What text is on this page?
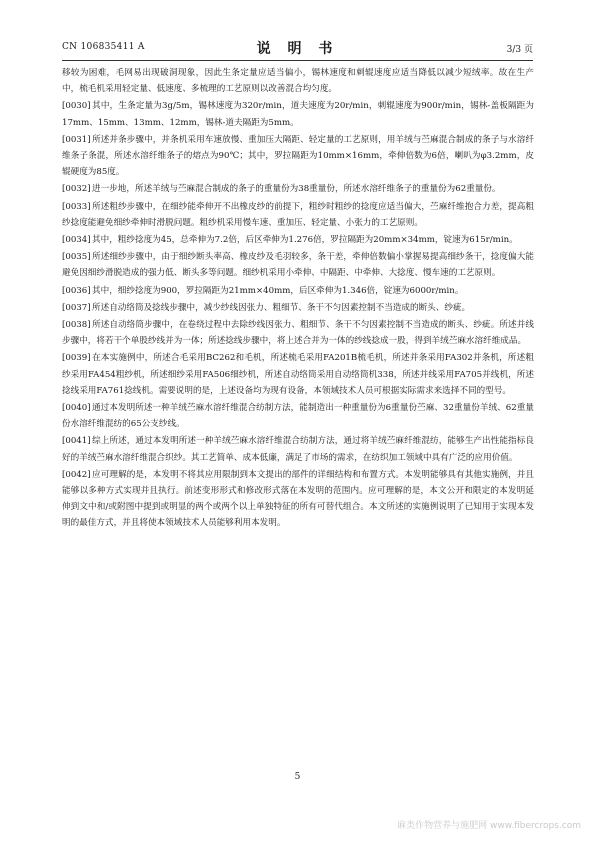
CN 106835411 A	说 明 书	3/3 页

移较为困难，毛网易出现破洞现象，因此生条定量应适当偏小，锡林速度和刺辊速度应适当降低以减少短绒率。故在生产中，梳毛机采用轻定量、低速度、多梳理的工艺原则以改善混合均匀度。

[0030]其中，生条定量为3g/5m，锡林速度为320r/min，道夫速度为20r/min，刺辊速度为900r/min，锡林-盖板隔距为17mm、15mm、13mm、12mm，锡林-道夫隔距为5mm。

[0031]所述并条步骤中，并条机采用车速放慢、重加压大隔距、轻定量的工艺原则，用羊绒与苎麻混合制成的条子与水溶纤维条子条混，所述水溶纤维条子的熔点为90℃；其中，罗拉隔距为10mm×16mm，牵伸倍数为6倍，喇叭为φ3.2mm，皮辊硬度为85度。

[0032]进一步地，所述羊绒与苎麻混合制成的条子的重量份为38重量份，所述水溶纤维条子的重量份为62重量份。

[0033]所述粗纱步骤中，在细纱能牵伸开不出橡皮纱的前提下，粗纱时粗纱的捻度应适当偏大，苎麻纤维抱合力差，提高粗纱捻度能避免细纱牵伸时滑脱问题。粗纱机采用慢车速、重加压、轻定量、小张力的工艺原则。

[0034]其中，粗纱捻度为45，总牵伸为7.2倍，后区牵伸为1.276倍，罗拉隔距为20mm×34mm，锭速为615r/min。

[0035]所述细纱步骤中，由于细纱断头率高、橡皮纱及毛羽较多，条干差，牵伸倍数偏小掌握易提高细纱条干，捻度偏大能避免因细纱滑脱造成的强力低、断头多等问题。细纱机采用小牵伸、中隔距、中牵伸、大捻度、慢车速的工艺原则。

[0036]其中，细纱捻度为900，罗拉隔距为21mm×40mm，后区牵伸为1.346倍，锭速为6000r/min。

[0037]所述自动络筒及捻线步骤中，减少纱线因张力、粗细节、条干不匀因素控制不当造成的断头、纱疵。

[0038]所述自动络筒步骤中，在卷绕过程中去除纱线因张力、粗细节、条干不匀因素控制不当造成的断头、纱疵。所述并线步骤中，将若干个单股纱线并为一体；所述捻线步骤中，将上述合并为一体的纱线捻成一股，得到羊绒苎麻水溶纤维成品。

[0039]在本实施例中，所述合毛采用BC262和毛机，所述梳毛采用FA201B梳毛机，所述并条采用FA302并条机，所述粗纱采用FA454粗纱机，所述细纱采用FA506细纱机，所述自动络筒采用自动络筒机338，所述并线采用FA705并线机，所述捻线采用FA761捻线机。需要说明的是，上述设备均为现有设备，本领域技术人员可根据实际需求来选择不同的型号。

[0040]通过本发明所述一种羊绒苎麻水溶纤维混合纺制方法，能制造出一种重量份为6重量份苎麻、32重量份羊绒、62重量份水溶纤维混纺的65公支纱线。

[0041]综上所述，通过本发明所述一种羊绒苎麻水溶纤维混合纺制方法，通过将羊绒苎麻纤维混纺，能够生产出性能指标良好的羊绒苎麻水溶纤维混合织纱。其工艺简单、成本低廉，满足了市场的需求，在纺织加工领域中具有广泛的应用价值。

[0042]应可理解的是，本发明不将其应用限制到本文提出的部件的详细结构和布置方式。本发明能够具有其他实施例，并且能够以多种方式实现并且执行。前述变形形式和修改形式落在本发明的范围内。应可理解的是，本文公开和限定的本发明延伸到文中和/或附图中提到或明显的两个或两个以上单独特征的所有可替代组合。本文所述的实施例说明了已知用于实现本发明的最佳方式，并且将使本领域技术人员能够利用本发明。

5
麻类作物营养与施肥网 www.fibercrops.com
